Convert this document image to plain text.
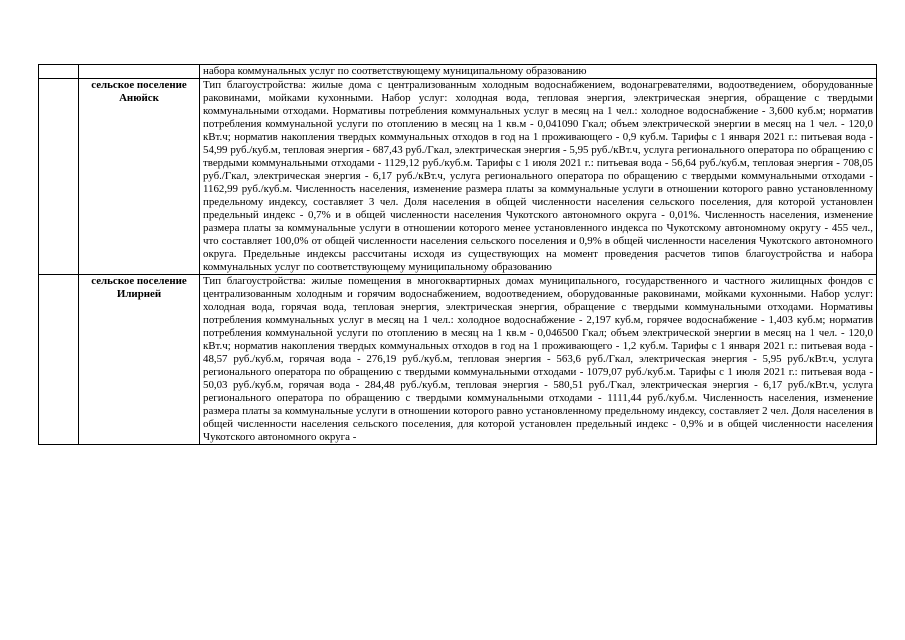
		набора коммунальных услуг по соответствующему муниципальному образованию
	сельское поселение Анюйск	Тип благоустройства: жилые дома с централизованным холодным водоснабжением, водонагревателями, водоотведением, оборудованные раковинами, мойками кухонными. Набор услуг: холодная вода, тепловая энергия, электрическая энергия, обращение с твердыми коммунальными отходами. Нормативы потребления коммунальных услуг в месяц на 1 чел.: холодное водоснабжение - 3,600 куб.м; норматив потребления коммунальной услуги по отоплению в месяц на 1 кв.м - 0,041090 Гкал; объем электрической энергии в месяц на 1 чел. - 120,0 кВт.ч; норматив накопления твердых коммунальных отходов в год на 1 проживающего - 0,9 куб.м. Тарифы с 1 января 2021 г.: питьевая вода - 54,99 руб./куб.м, тепловая энергия - 687,43 руб./Гкал, электрическая энергия - 5,95 руб./кВт.ч, услуга регионального оператора по обращению с твердыми коммунальными отходами - 1129,12 руб./куб.м. Тарифы с 1 июля 2021 г.: питьевая вода - 56,64 руб./куб.м, тепловая энергия - 708,05 руб./Гкал, электрическая энергия - 6,17 руб./кВт.ч, услуга регионального оператора по обращению с твердыми коммунальными отходами - 1162,99 руб./куб.м. Численность населения, изменение размера платы за коммунальные услуги в отношении которого равно установленному предельному индексу, составляет 3 чел. Доля населения в общей численности населения сельского поселения, для которой установлен предельный индекс - 0,7% и в общей численности населения Чукотского автономного округа - 0,01%. Численность населения, изменение размера платы за коммунальные услуги в отношении которого менее установленного индекса по Чукотскому автономному округу - 455 чел., что составляет 100,0% от общей численности населения сельского поселения и 0,9% в общей численности населения Чукотского автономного округа. Предельные индексы рассчитаны исходя из существующих на момент проведения расчетов типов благоустройства и набора коммунальных услуг по соответствующему муниципальному образованию
	сельское поселение Илирней	Тип благоустройства: жилые помещения в многоквартирных домах муниципального, государственного и частного жилищных фондов с централизованным холодным и горячим водоснабжением, водоотведением, оборудованные раковинами, мойками кухонными. Набор услуг: холодная вода, горячая вода, тепловая энергия, электрическая энергия, обращение с твердыми коммунальными отходами. Нормативы потребления коммунальных услуг в месяц на 1 чел.: холодное водоснабжение - 2,197 куб.м, горячее водоснабжение - 1,403 куб.м; норматив потребления коммунальной услуги по отоплению в месяц на 1 кв.м - 0,046500 Гкал; объем электрической энергии в месяц на 1 чел. - 120,0 кВт.ч; норматив накопления твердых коммунальных отходов в год на 1 проживающего - 1,2 куб.м. Тарифы с 1 января 2021 г.: питьевая вода - 48,57 руб./куб.м, горячая вода - 276,19 руб./куб.м, тепловая энергия - 563,6 руб./Гкал, электрическая энергия - 5,95 руб./кВт.ч, услуга регионального оператора по обращению с твердыми коммунальными отходами - 1079,07 руб./куб.м. Тарифы с 1 июля 2021 г.: питьевая вода - 50,03 руб./куб.м, горячая вода - 284,48 руб./куб.м, тепловая энергия - 580,51 руб./Гкал, электрическая энергия - 6,17 руб./кВт.ч, услуга регионального оператора по обращению с твердыми коммунальными отходами - 1111,44 руб./куб.м. Численность населения, изменение размера платы за коммунальные услуги в отношении которого равно установленному предельному индексу, составляет 2 чел. Доля населения в общей численности населения сельского поселения, для которой установлен предельный индекс - 0,9% и в общей численности населения Чукотского автономного округа -
